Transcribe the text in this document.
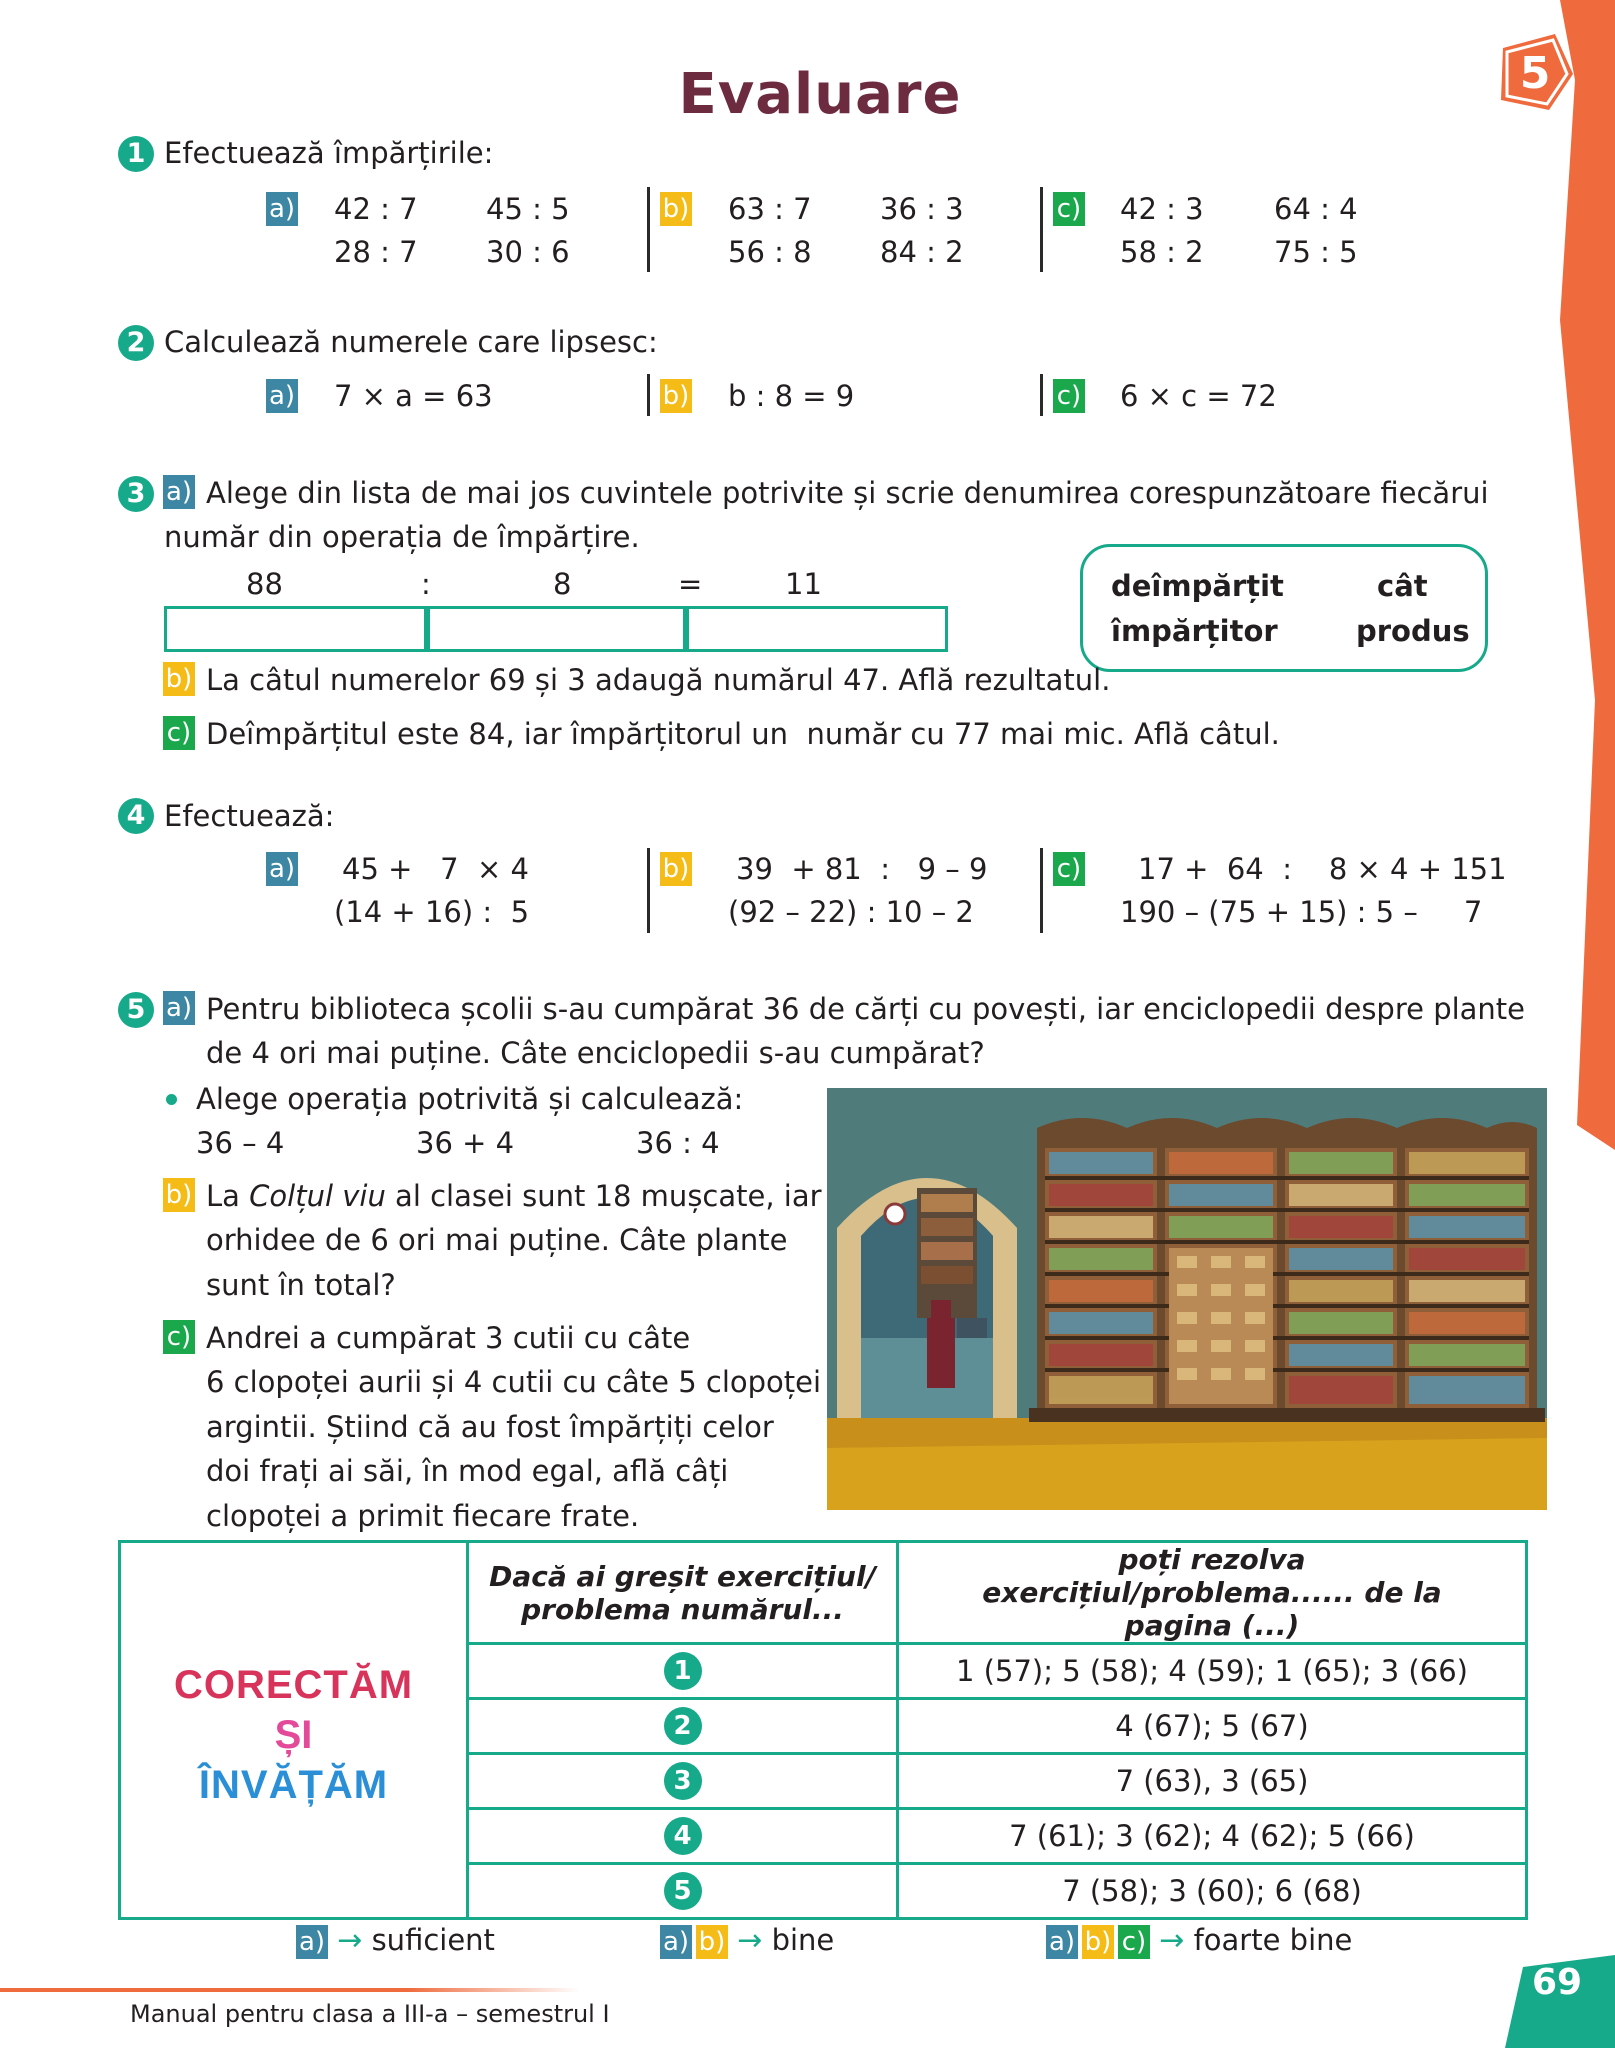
5
Evaluare
1 Efectuează împărțirile:
a) 42 : 7 45 : 5
28 : 7 30 : 6
b) 63 : 7 36 : 3
56 : 8 84 : 2
c) 42 : 3 64 : 4
58 : 2 75 : 5
2 Calculează numerele care lipsesc:
a) 7 × a = 63	b) b : 8 = 9	c) 6 × c = 72
3 a) Alege din lista de mai jos cuvintele potrivite și scrie denumirea corespunzătoare fiecărui
număr din operația de împărțire.
88	:	8	=	11	deîmpărțit	cât
împărțitor	produs
b) La câtul numerelor 69 și 3 adaugă numărul 47. Află rezultatul.
c) Deîmpărțitul este 84, iar împărțitorul un  număr cu 77 mai mic. Află câtul.
4 Efectuează:
a) 45 +   7  × 4
(14 + 16) :  5
b) 39  + 81  :   9 – 9
(92 – 22) : 10 – 2
c) 17 +  64  :    8 × 4 + 151
190 – (75 + 15) : 5 –     7
5 a) Pentru biblioteca școlii s-au cumpărat 36 de cărți cu povești, iar enciclopedii despre plante
de 4 ori mai puține. Câte enciclopedii s-au cumpărat?
Alege operația potrivită și calculează:
36 – 4	36 + 4	36 : 4
b) La Colțul viu al clasei sunt 18 mușcate, iar
orhidee de 6 ori mai puține. Câte plante
sunt în total?
c) Andrei a cumpărat 3 cutii cu câte
6 clopoței aurii și 4 cutii cu câte 5 clopoței
argintii. Știind că au fost împărțiți celor
doi frați ai săi, în mod egal, află câți
clopoței a primit fiecare frate.
CORECTĂM
ȘI
ÎNVĂȚĂM	Dacă ai greșit exercițiul/ problema numărul...	poți rezolva exercițiul/problema...... de la pagina (...)
	1	1 (57); 5 (58); 4 (59); 1 (65); 3 (66)
	2	4 (67); 5 (67)
	3	7 (63), 3 (65)
	4	7 (61); 3 (62); 4 (62); 5 (66)
	5	7 (58); 3 (60); 6 (68)
a) → suficient	a) b) → bine	a) b) c) → foarte bine
Manual pentru clasa a III-a – semestrul I
69
